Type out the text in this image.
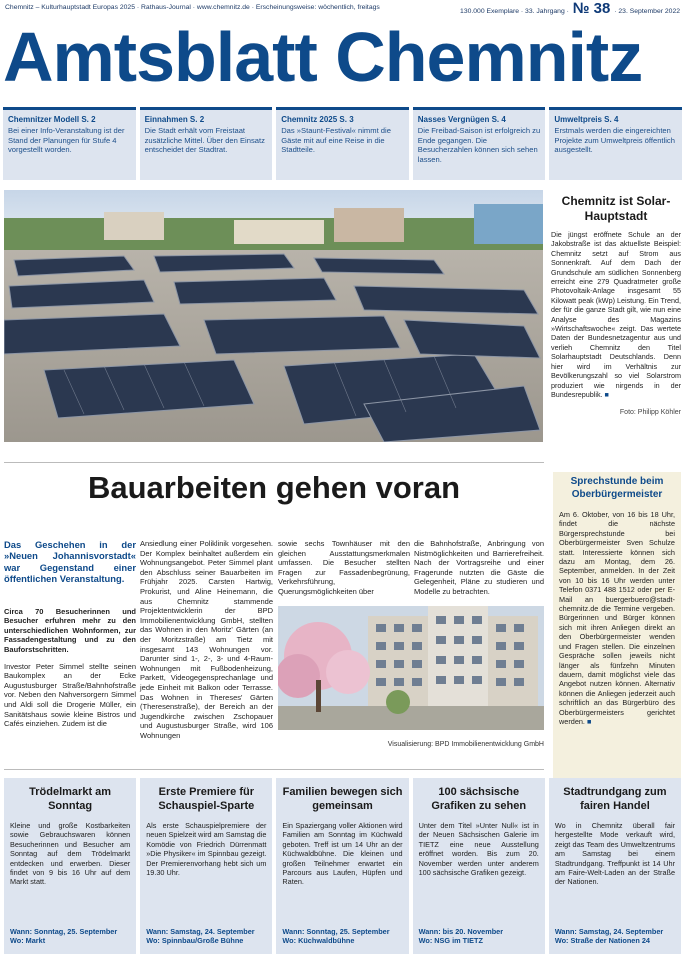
Chemnitz – Kulturhauptstadt Europas 2025 · Rathaus-Journal · www.chemnitz.de · Erscheinungsweise: wöchentlich, freitags
130.000 Exemplare · 33. Jahrgang · № 38 · 23. September 2022
Amtsblatt Chemnitz
Chemnitzer Modell S. 2
Bei einer Info-Veranstaltung ist der Stand der Planungen für Stufe 4 vorgestellt worden.
Einnahmen S. 2
Die Stadt erhält vom Freistaat zusätzliche Mittel. Über den Einsatz entscheidet der Stadtrat.
Chemnitz 2025 S. 3
Das »Staunt-Festival« nimmt die Gäste mit auf eine Reise in die Stadtteile.
Nasses Vergnügen S. 4
Die Freibad-Saison ist erfolgreich zu Ende gegangen. Die Besucherzahlen können sich sehen lassen.
Umweltpreis S. 4
Erstmals werden die eingereichten Projekte zum Umweltpreis öffentlich ausgestellt.
Chemnitz ist Solar-Hauptstadt

Die jüngst eröffnete Schule an der Jakobstraße ist das aktuellste Beispiel: Chemnitz setzt auf Strom aus Sonnenkraft. Auf dem Dach der Grundschule am südlichen Sonnenberg erreicht eine 279 Quadratmeter große Photovoltaik-Anlage insgesamt 55 Kilowatt peak (kWp) Leistung. Ein Trend, der für die ganze Stadt gilt, wie nun eine Analyse des Magazins »Wirtschaftswoche« zeigt. Das wertete Daten der Bundesnetzagentur aus und verlieh Chemnitz den Titel Solarhauptstadt Deutschlands. Denn hier wird im Verhältnis zur Bevölkerungszahl so viel Solarstrom produziert wie nirgends in der Bundesrepublik. ■

Foto: Philipp Köhler
Bauarbeiten gehen voran
Das Geschehen in der »Neuen Johannisvorstadt« war Gegenstand einer öffentlichen Veranstaltung.
Circa 70 Besucherinnen und Besucher erfuhren mehr zu den unterschiedlichen Wohnformen, zur Fassadengestaltung und zu den Bauforstschritten.
Investor Peter Simmel stellte seinen Baukomplex an der Ecke Augustusburger Straße/Bahnhofstraße vor. Neben den Nahversorgern Simmel und Aldi soll die Drogerie Müller, ein Sanitätshaus sowie kleine Bistros und Cafés einziehen. Zudem ist die
Ansiedlung einer Poliklinik vorgesehen. Der Komplex beinhaltet außerdem ein Wohnungsangebot. Peter Simmel plant den Abschluss seiner Bauarbeiten im Frühjahr 2025. Carsten Hartwig, Prokurist, und Aline Heinemann, die aus Chemnitz stammende Projektentwicklerin der BPD Immobilienentwicklung GmbH, stellten das Wohnen in den Moritz' Gärten (an der Moritzstraße) am Tietz mit insgesamt 143 Wohnungen vor. Darunter sind 1-, 2-, 3- und 4-Raum-Wohnungen mit Fußbodenheizung, Parkett, Videogegensprechanlage und jede Einheit mit Balkon oder Terrasse. Das Wohnen in Thereses' Gärten (Theresenstraße), der Bereich an der Jugendkirche zwischen Zschopauer und Augustusburger Straße, wird 106 Wohnungen
sowie sechs Townhäuser mit den gleichen Ausstattungsmerkmalen umfassen. Die Besucher stellten Fragen zur Fassadenbegrünung, Verkehrsführung, Querungsmöglichkeiten über
die Bahnhofstraße, Anbringung von Nistmöglichkeiten und Barrierefreiheit. Nach der Vortragsreihe und einer Fragerunde nutzten die Gäste die Gelegenheit, Pläne zu studieren und Modelle zu betrachten.
Visualisierung: BPD Immobilienentwicklung GmbH
Sprechstunde beim Oberbürgermeister

Am 6. Oktober, von 16 bis 18 Uhr, findet die nächste Bürgersprechstunde bei Oberbürgermeister Sven Schulze statt. Interessierte können sich dazu am Montag, dem 26. September, anmelden. In der Zeit von 10 bis 16 Uhr werden unter Telefon 0371 488 1512 oder per E-Mail an buergerbuero@stadt-chemnitz.de die Termine vergeben. Bürgerinnen und Bürger können sich mit ihren Anliegen direkt an den Oberbürgermeister wenden und Fragen stellen. Die einzelnen Gespräche sollen jeweils nicht länger als fünfzehn Minuten dauern, damit möglichst viele das Angebot nutzen können. Alternativ können die Anliegen jederzeit auch schriftlich an das Bürgerbüro des Oberbürgermeisters gerichtet werden. ■

Trödelmarkt am Sonntag

Kleine und große Kostbarkeiten sowie Gebrauchswaren können Besucherinnen und Besucher am Sonntag auf dem Trödelmarkt entdecken und erwerben. Dieser findet von 9 bis 16 Uhr auf dem Markt statt.

Wann: Sonntag, 25. September
Wo: Markt
Erste Premiere für Schauspiel-Sparte

Als erste Schauspielpremiere der neuen Spielzeit wird am Samstag die Komödie von Friedrich Dürrenmatt »Die Physiker« im Spinnbau gezeigt. Der Premierenvorhang hebt sich um 19.30 Uhr.

Wann: Samstag, 24. September
Wo: Spinnbau/Große Bühne
Familien bewegen sich gemeinsam

Ein Spaziergang voller Aktionen wird Familien am Sonntag im Küchwald geboten. Treff ist um 14 Uhr an der Küchwaldbühne. Die kleinen und großen Teilnehmer erwartet ein Parcours aus Laufen, Hüpfen und Raten.

Wann: Sonntag, 25. September
Wo: Küchwaldbühne
100 sächsische Grafiken zu sehen

Unter dem Titel »Unter Null« ist in der Neuen Sächsischen Galerie im TIETZ eine neue Ausstellung eröffnet worden. Bis zum 20. November werden unter anderem 100 sächsische Grafiken gezeigt.

Wann: bis 20. November
Wo: NSG im TIETZ
Stadtrundgang zum fairen Handel

Wo in Chemnitz überall fair hergestellte Mode verkauft wird, zeigt das Team des Umweltzentrums am Samstag bei einem Stadtrundgang. Treffpunkt ist 14 Uhr am Faire-Welt-Laden an der Straße der Nationen.

Wann: Samstag, 24. September
Wo: Straße der Nationen 24
